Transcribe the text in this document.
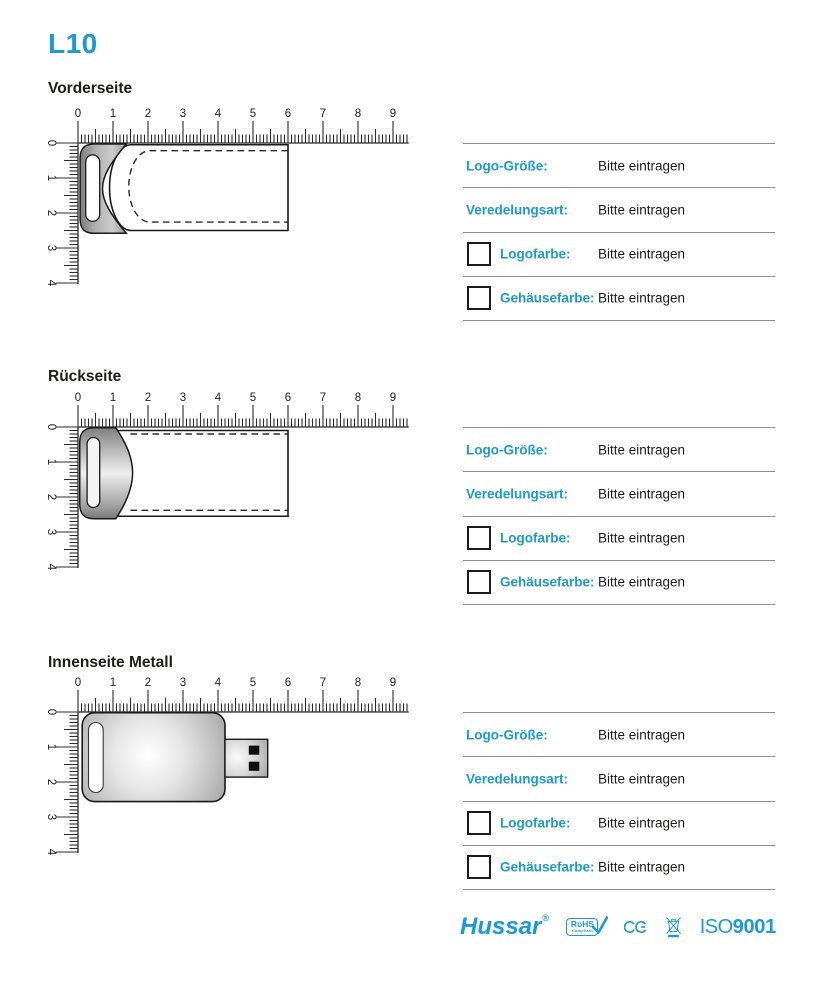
L10
Vorderseite
0 1 2 3 4 5 6 7 8 9
0
1
2
3
4
Logo-Größe:	Bitte eintragen
Veredelungsart: Bitte eintragen
Logofarbe: Bitte eintragen
Gehäusefarbe: Bitte eintragen
Rückseite
0 1 2 3 4 5 6 7 8 9
0
1
2
3
4
Logo-Größe:	Bitte eintragen
Veredelungsart: Bitte eintragen
Logofarbe: Bitte eintragen
Gehäusefarbe: Bitte eintragen
Innenseite Metall
0 1 2 3 4 5 6 7 8 9
0
1
2
3
4
Logo-Größe:	Bitte eintragen
Veredelungsart: Bitte eintragen
Logofarbe: Bitte eintragen
Gehäusefarbe: Bitte eintragen
Hussar ®
RoHS
Compliant	ISO 9001
